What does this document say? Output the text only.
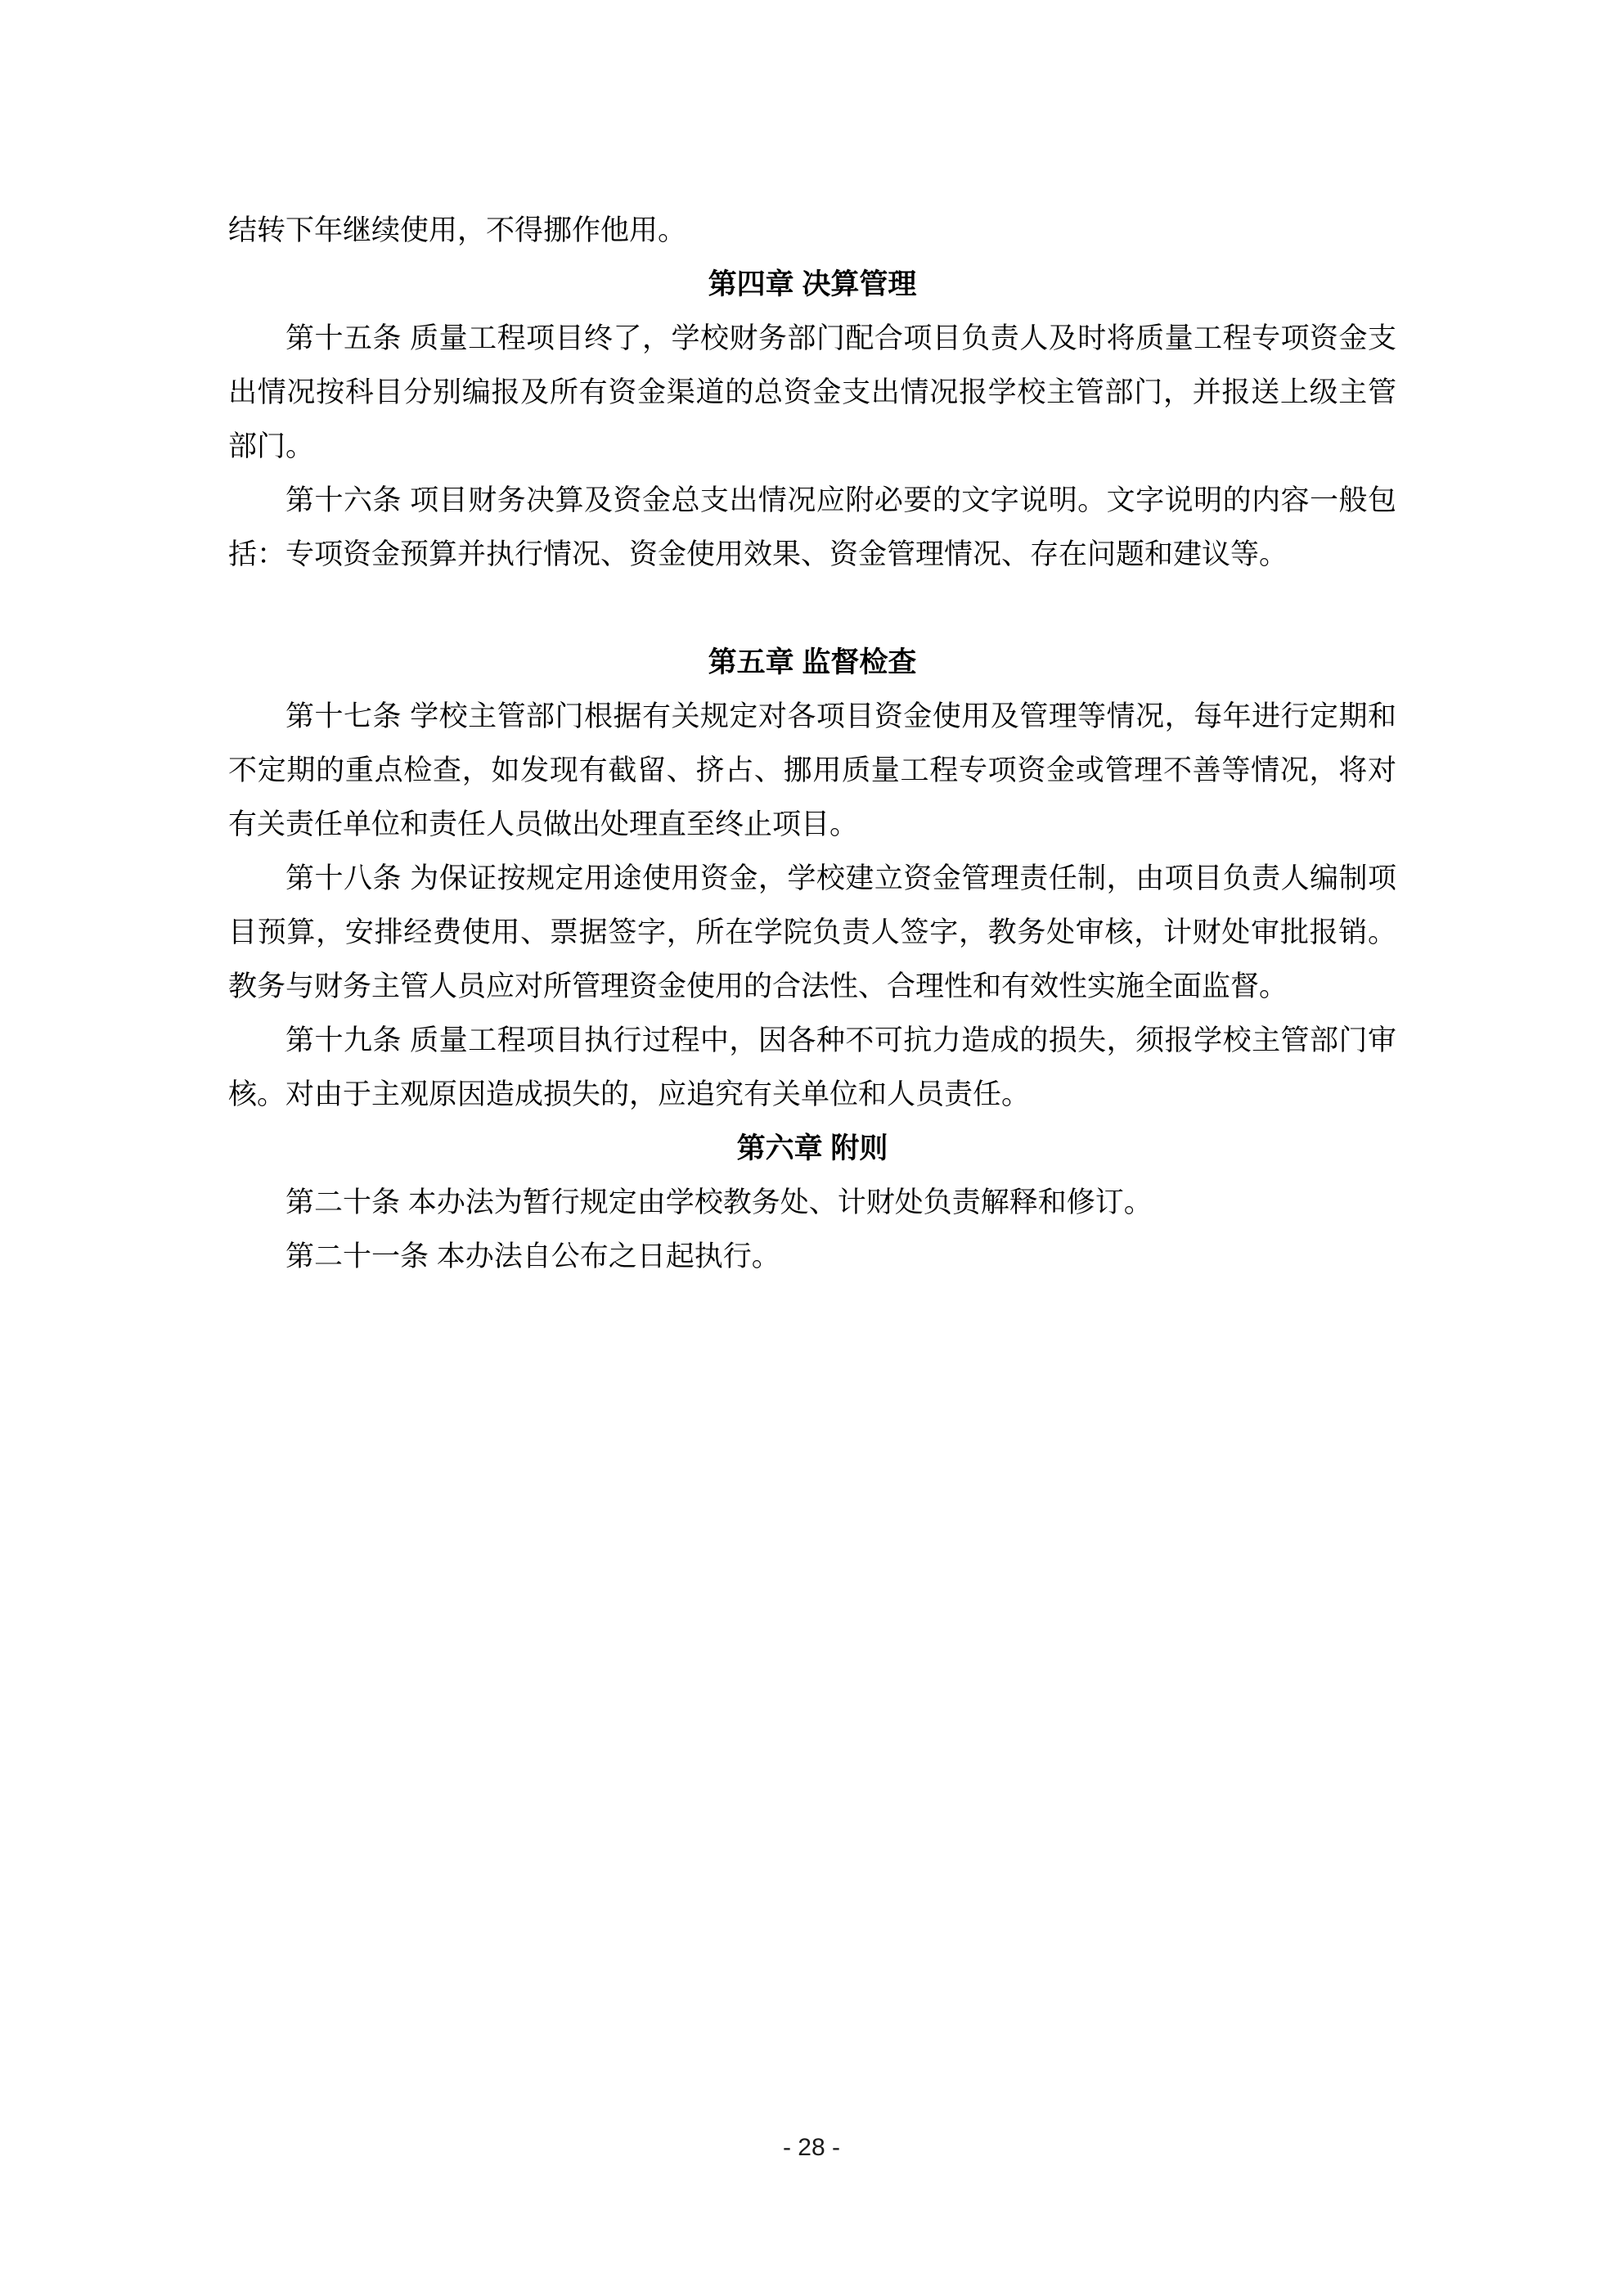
结转下年继续使用，不得挪作他用。

第四章 决算管理

第十五条 质量工程项目终了，学校财务部门配合项目负责人及时将质量工程专项资金支出情况按科目分别编报及所有资金渠道的总资金支出情况报学校主管部门，并报送上级主管部门。

第十六条 项目财务决算及资金总支出情况应附必要的文字说明。文字说明的内容一般包括：专项资金预算并执行情况、资金使用效果、资金管理情况、存在问题和建议等。

第五章 监督检查

第十七条 学校主管部门根据有关规定对各项目资金使用及管理等情况，每年进行定期和不定期的重点检查，如发现有截留、挤占、挪用质量工程专项资金或管理不善等情况，将对有关责任单位和责任人员做出处理直至终止项目。

第十八条 为保证按规定用途使用资金，学校建立资金管理责任制，由项目负责人编制项目预算，安排经费使用、票据签字，所在学院负责人签字，教务处审核，计财处审批报销。教务与财务主管人员应对所管理资金使用的合法性、合理性和有效性实施全面监督。

第十九条 质量工程项目执行过程中，因各种不可抗力造成的损失，须报学校主管部门审核。对由于主观原因造成损失的，应追究有关单位和人员责任。

第六章 附则

第二十条 本办法为暂行规定由学校教务处、计财处负责解释和修订。

第二十一条 本办法自公布之日起执行。

- 28 -
